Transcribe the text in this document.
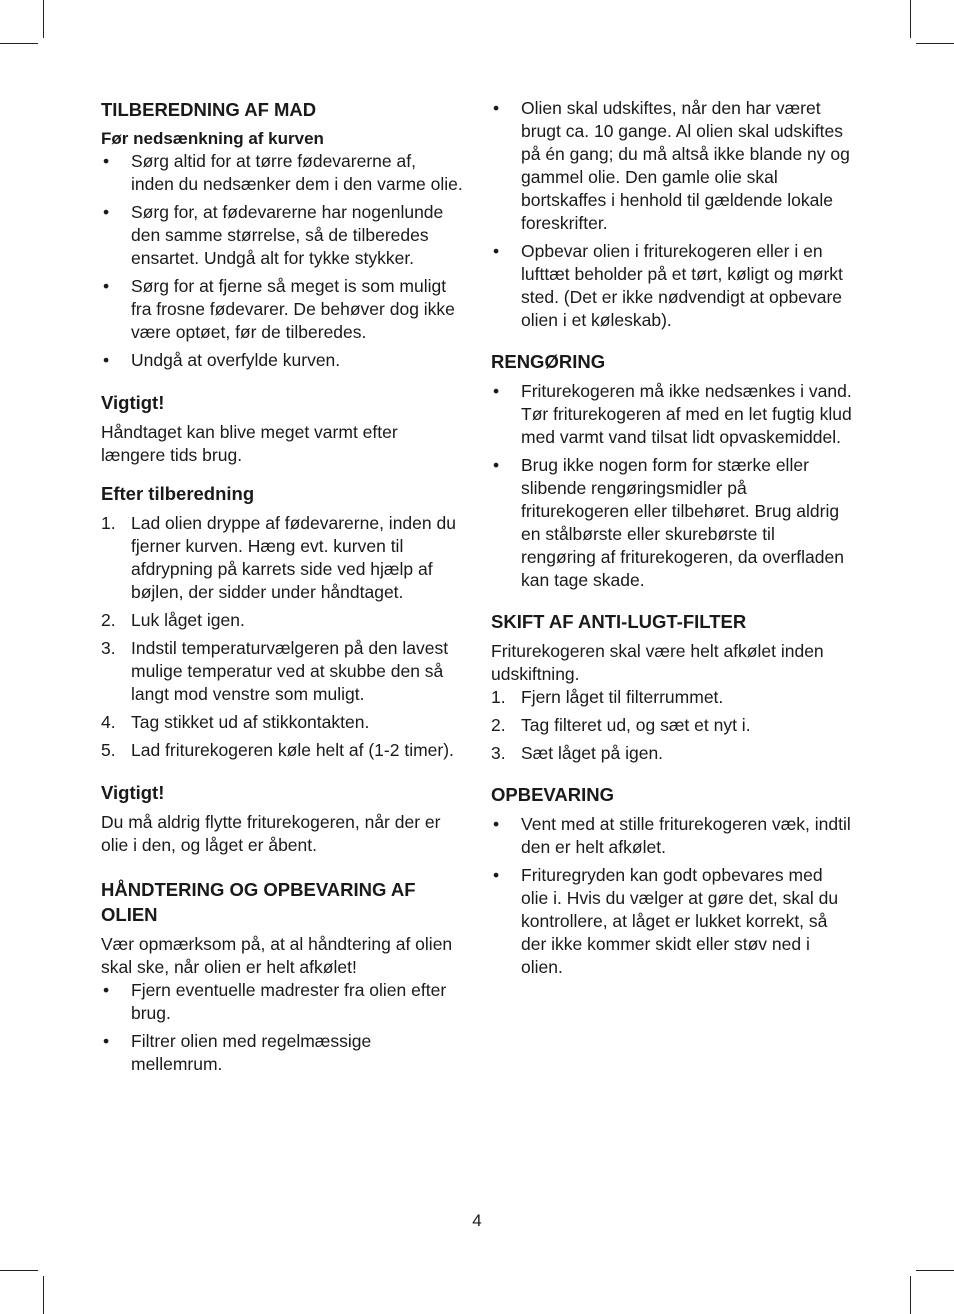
TILBEREDNING AF MAD
Før nedsænkning af kurven
• Sørg altid for at tørre fødevarerne af, inden du nedsænker dem i den varme olie.
• Sørg for, at fødevarerne har nogenlunde den samme størrelse, så de tilberedes ensartet. Undgå alt for tykke stykker.
• Sørg for at fjerne så meget is som muligt fra frosne fødevarer. De behøver dog ikke være optøet, før de tilberedes.
• Undgå at overfylde kurven.
Vigtigt!

Håndtaget kan blive meget varmt efter længere tids brug.

Efter tilberedning
1. Lad olien dryppe af fødevarerne, inden du fjerner kurven. Hæng evt. kurven til afdrypning på karrets side ved hjælp af bøjlen, der sidder under håndtaget.
2. Luk låget igen.
3. Indstil temperaturvælgeren på den lavest mulige temperatur ved at skubbe den så langt mod venstre som muligt.
4. Tag stikket ud af stikkontakten.
5. Lad friturekogeren køle helt af (1-2 timer).
Vigtigt!

Du må aldrig flytte friturekogeren, når der er olie i den, og låget er åbent.

HÅNDTERING OG OPBEVARING AF OLIEN

Vær opmærksom på, at al håndtering af olien skal ske, når olien er helt afkølet!

• Fjern eventuelle madrester fra olien efter brug.
• Filtrer olien med regelmæssige mellemrum.
• Olien skal udskiftes, når den har været brugt ca. 10 gange. Al olien skal udskiftes på én gang; du må altså ikke blande ny og gammel olie. Den gamle olie skal bortskaffes i henhold til gældende lokale foreskrifter.
• Opbevar olien i friturekogeren eller i en lufttæt beholder på et tørt, køligt og mørkt sted. (Det er ikke nødvendigt at opbevare olien i et køleskab).
RENGØRING
• Friturekogeren må ikke nedsænkes i vand. Tør friturekogeren af med en let fugtig klud med varmt vand tilsat lidt opvaskemiddel.
• Brug ikke nogen form for stærke eller slibende rengøringsmidler på friturekogeren eller tilbehøret. Brug aldrig en stålbørste eller skurebørste til rengøring af friturekogeren, da overfladen kan tage skade.
SKIFT AF ANTI-LUGT-FILTER

Friturekogeren skal være helt afkølet inden udskiftning.

1. Fjern låget til filterrummet.
2. Tag filteret ud, og sæt et nyt i.
3. Sæt låget på igen.
OPBEVARING
• Vent med at stille friturekogeren væk, indtil den er helt afkølet.
• Frituregryden kan godt opbevares med olie i. Hvis du vælger at gøre det, skal du kontrollere, at låget er lukket korrekt, så der ikke kommer skidt eller støv ned i olien.
4
